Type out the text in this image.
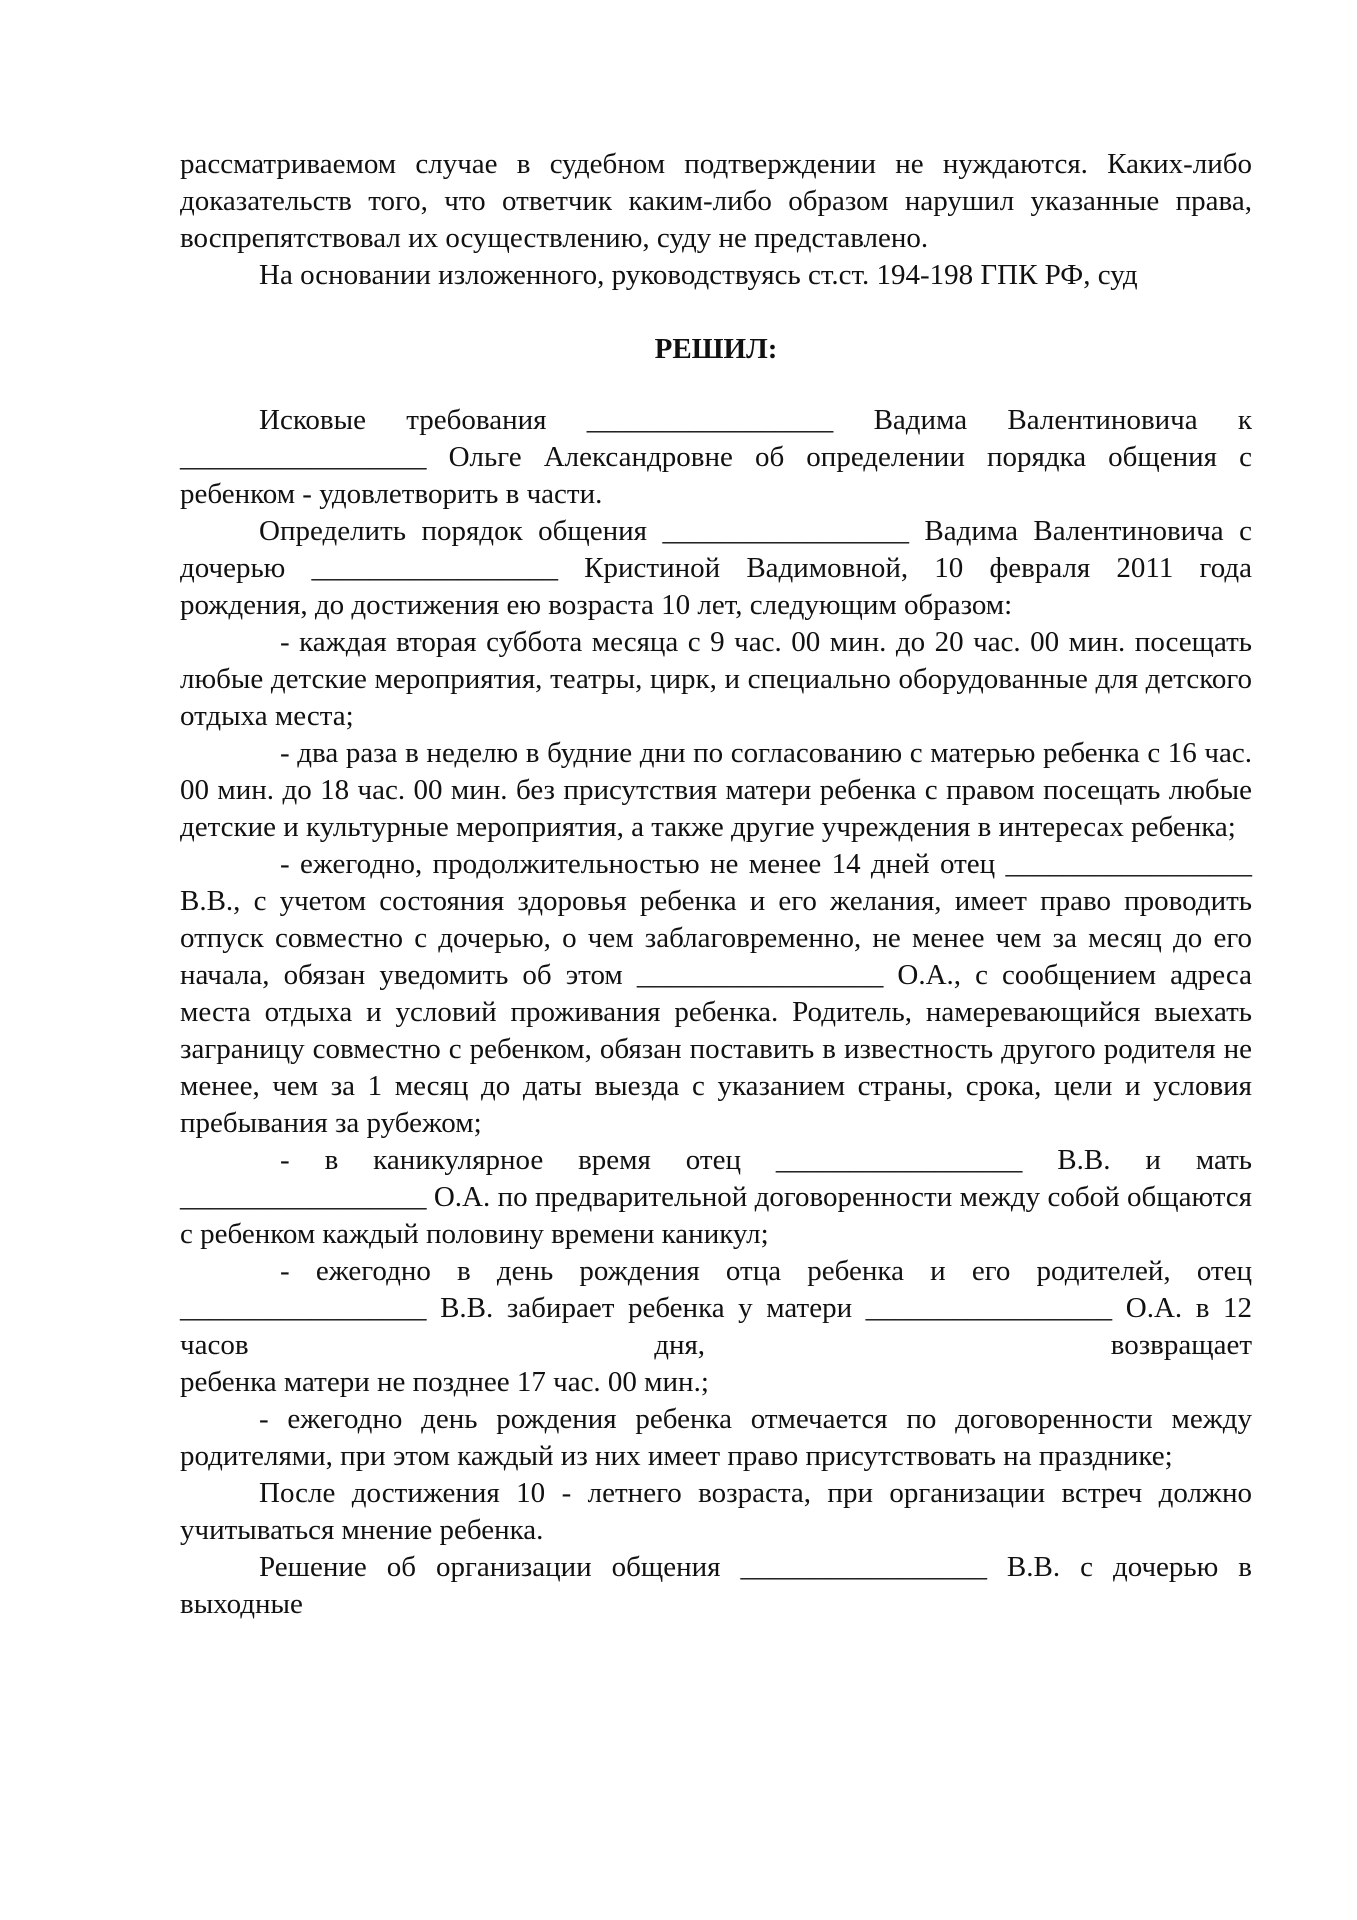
рассматриваемом случае в судебном подтверждении не нуждаются. Каких-либо доказательств того, что ответчик каким-либо образом нарушил указанные права, воспрепятствовал их осуществлению, суду не представлено.

На основании изложенного, руководствуясь ст.ст. 194-198 ГПК РФ, суд

РЕШИЛ:

Исковые требования _________________ Вадима Валентиновича к _________________ Ольге Александровне об определении порядка общения с ребенком - удовлетворить в части.

Определить порядок общения _________________ Вадима Валентиновича с дочерью _________________ Кристиной Вадимовной, 10 февраля 2011 года рождения, до достижения ею возраста 10 лет, следующим образом:

- каждая вторая суббота месяца с 9 час. 00 мин. до 20 час. 00 мин. посещать любые детские мероприятия, театры, цирк, и специально оборудованные для детского отдыха места;

- два раза в неделю в будние дни по согласованию с матерью ребенка с 16 час. 00 мин. до 18 час. 00 мин. без присутствия матери ребенка с правом посещать любые детские и культурные мероприятия, а также другие учреждения в интересах ребенка;

- ежегодно, продолжительностью не менее 14 дней отец _________________ В.В., с учетом состояния здоровья ребенка и его желания, имеет право проводить отпуск совместно с дочерью, о чем заблаговременно, не менее чем за месяц до его начала, обязан уведомить об этом _________________ О.А., с сообщением адреса места отдыха и условий проживания ребенка. Родитель, намеревающийся выехать заграницу совместно с ребенком, обязан поставить в известность другого родителя не менее, чем за 1 месяц до даты выезда с указанием страны, срока, цели и условия пребывания за рубежом;

- в каникулярное время отец _________________ В.В. и мать _________________ О.А. по предварительной договоренности между собой общаются с ребенком каждый половину времени каникул;

- ежегодно в день рождения отца ребенка и его родителей, отец _________________ В.В. забирает ребенка у матери _________________ О.А. в 12 часов дня, возвращает

ребенка матери не позднее 17 час. 00 мин.;

- ежегодно день рождения ребенка отмечается по договоренности между родителями, при этом каждый из них имеет право присутствовать на празднике;

После достижения 10 - летнего возраста, при организации встреч должно учитываться мнение ребенка.

Решение об организации общения _________________ В.В. с дочерью в выходные
